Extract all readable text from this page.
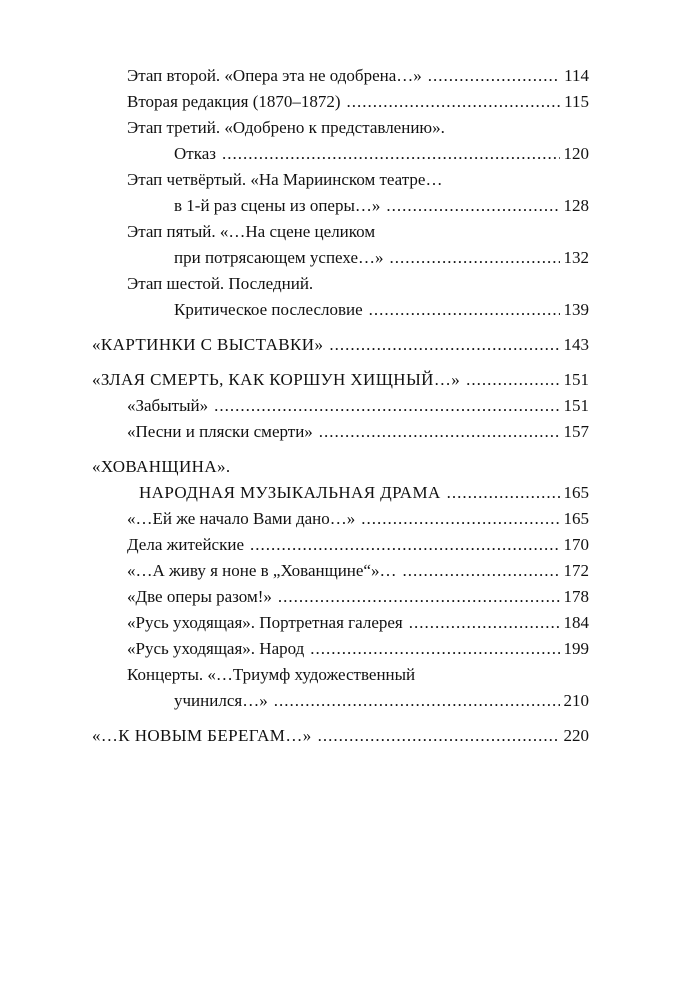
Этап второй. «Опера эта не одобрена…» .....	114
Вторая редакция (1870–1872) .....	115
Этап третий. «Одобрено к представлению».
Отказ .....	120
Этап четвёртый. «На Мариинском театре…
в 1-й раз сцены из оперы…» .....	128
Этап пятый. «…На сцене целиком
при потрясающем успехе…» .....	132
Этап шестой. Последний.
Критическое послесловие .....	139
«КАРТИНКИ С ВЫСТАВКИ» .....	143
«ЗЛАЯ СМЕРТЬ, КАК КОРШУН ХИЩНЫЙ…» .....	151
«Забытый» .....	151
«Песни и пляски смерти» .....	157
«ХОВАНЩИНА».
НАРОДНАЯ МУЗЫКАЛЬНАЯ ДРАМА .....	165
«…Ей же начало Вами дано…» .....	165
Дела житейские .....	170
«…А живу я ноне в „Хованщине“»… .....	172
«Две оперы разом!» .....	178
«Русь уходящая». Портретная галерея .....	184
«Русь уходящая». Народ .....	199
Концерты. «…Триумф художественный
учинился…» .....	210
«…К НОВЫМ БЕРЕГАМ…» .....	220
